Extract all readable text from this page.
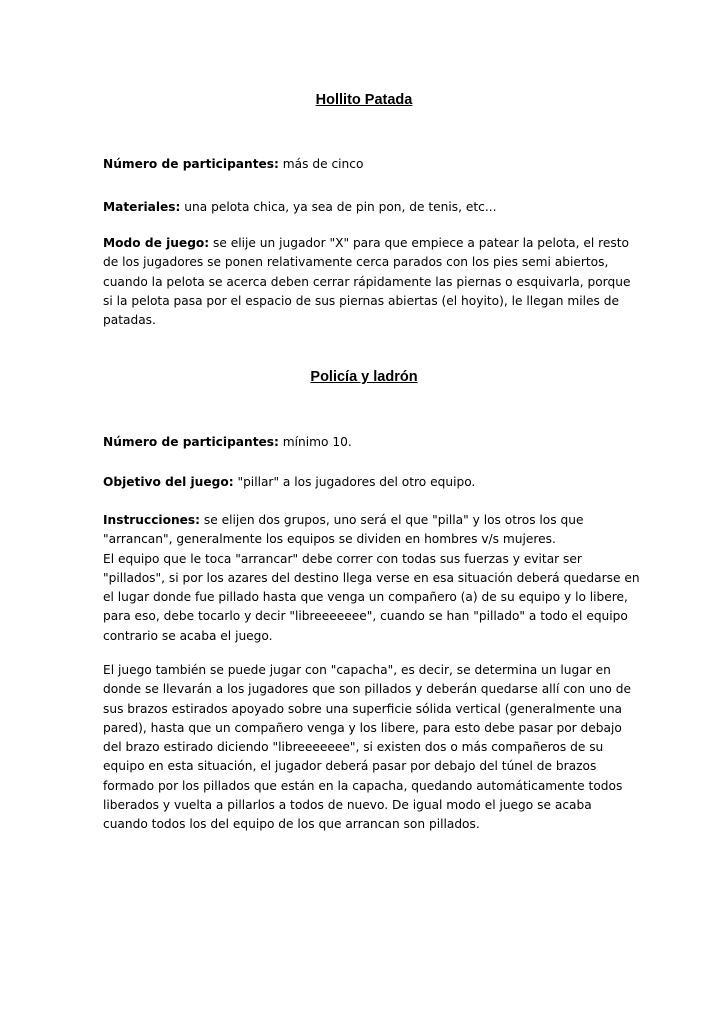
Hollito Patada

Número de participantes: más de cinco

Materiales: una pelota chica, ya sea de pin pon, de tenis, etc...

Modo de juego: se elije un jugador "X" para que empiece a patear la pelota, el resto
de los jugadores se ponen relativamente cerca parados con los pies semi abiertos,
cuando la pelota se acerca deben cerrar rápidamente las piernas o esquivarla, porque
si la pelota pasa por el espacio de sus piernas abiertas (el hoyito), le llegan miles de
patadas.

Policía y ladrón

Número de participantes: mínimo 10.

Objetivo del juego: "pillar" a los jugadores del otro equipo.

Instrucciones: se elijen dos grupos, uno será el que "pilla" y los otros los que
"arrancan", generalmente los equipos se dividen en hombres v/s mujeres.
El equipo que le toca "arrancar" debe correr con todas sus fuerzas y evitar ser
"pillados", si por los azares del destino llega verse en esa situación deberá quedarse en
el lugar donde fue pillado hasta que venga un compañero (a) de su equipo y lo libere,
para eso, debe tocarlo y decir "libreeeeeee", cuando se han "pillado" a todo el equipo
contrario se acaba el juego.

El juego también se puede jugar con "capacha", es decir, se determina un lugar en
donde se llevarán a los jugadores que son pillados y deberán quedarse allí con uno de
sus brazos estirados apoyado sobre una superficie sólida vertical (generalmente una
pared), hasta que un compañero venga y los libere, para esto debe pasar por debajo
del brazo estirado diciendo "libreeeeeee", si existen dos o más compañeros de su
equipo en esta situación, el jugador deberá pasar por debajo del túnel de brazos
formado por los pillados que están en la capacha, quedando automáticamente todos
liberados y vuelta a pillarlos a todos de nuevo. De igual modo el juego se acaba
cuando todos los del equipo de los que arrancan son pillados.
